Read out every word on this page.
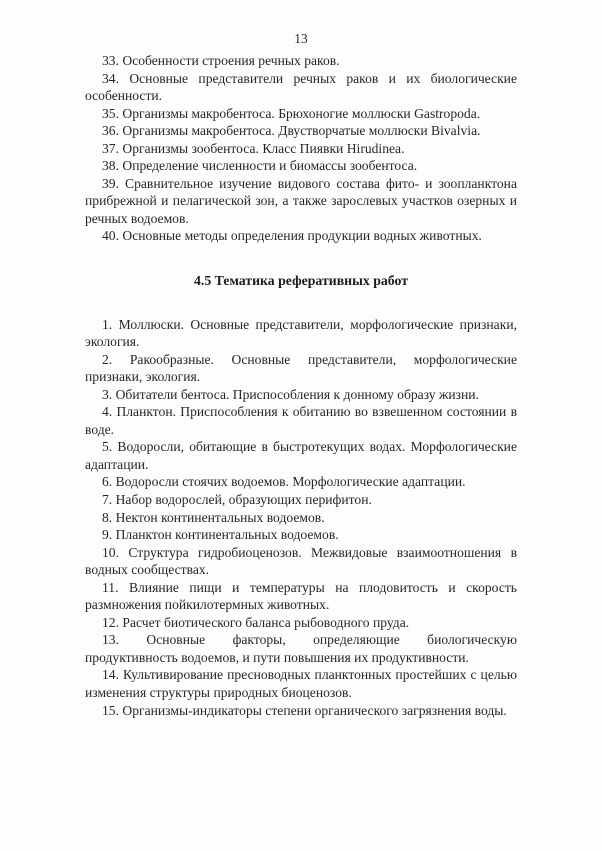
13

33. Особенности строения речных раков.

34. Основные представители речных раков и их биологические особенности.

35. Организмы макробентоса. Брюхоногие моллюски Gastropoda.

36. Организмы макробентоса. Двустворчатые моллюски Bivalvia.

37. Организмы зообентоса. Класс Пиявки Hirudinea.

38. Определение численности и биомассы зообентоса.

39. Сравнительное изучение видового состава фито- и зоопланктона прибрежной и пелагической зон, а также зарослевых участков озерных и речных водоемов.

40. Основные методы определения продукции водных животных.

4.5 Тематика реферативных работ

1. Моллюски. Основные представители, морфологические признаки, экология.

2. Ракообразные. Основные представители, морфологические признаки, экология.

3. Обитатели бентоса. Приспособления к донному образу жизни.

4. Планктон. Приспособления к обитанию во взвешенном состоянии в воде.

5. Водоросли, обитающие в быстротекущих водах. Морфологические адаптации.

6. Водоросли стоячих водоемов. Морфологические адаптации.

7. Набор водорослей, образующих перифитон.

8. Нектон континентальных водоемов.

9. Планктон континентальных водоемов.

10. Структура гидробиоценозов. Межвидовые взаимоотношения в водных сообществах.

11. Влияние пищи и температуры на плодовитость и скорость размножения пойкилотермных животных.

12. Расчет биотического баланса рыбоводного пруда.

13. Основные факторы, определяющие биологическую продуктивность водоемов, и пути повышения их продуктивности.

14. Культивирование пресноводных планктонных простейших с целью изменения структуры природных биоценозов.

15. Организмы-индикаторы степени органического загрязнения воды.
